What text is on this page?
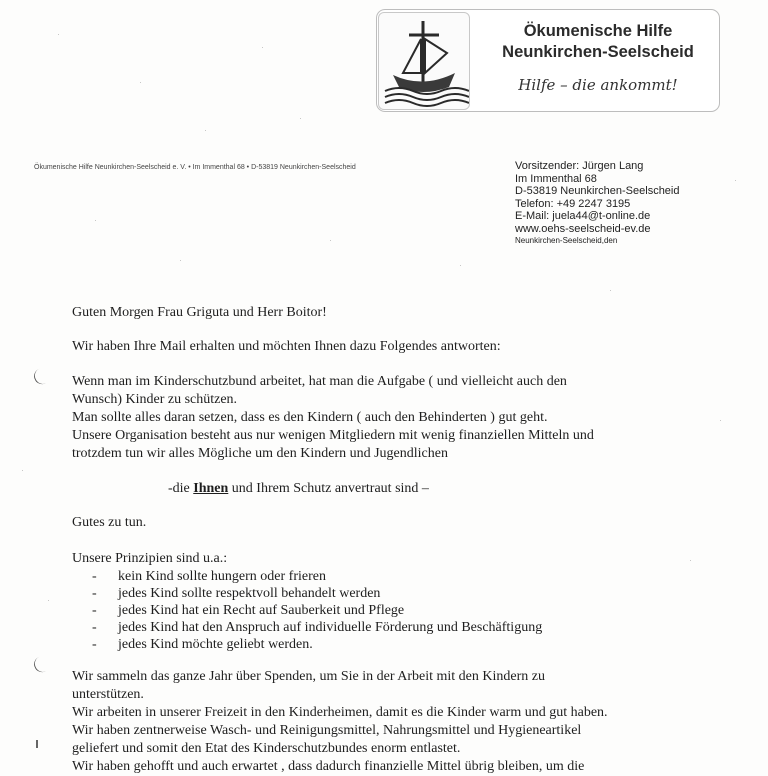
Ökumenische Hilfe
Neunkirchen-Seelscheid
Hilfe – die ankommt!
Ökumenische Hilfe Neunkirchen-Seelscheid e. V. • Im Immenthal 68 • D-53819 Neunkirchen-Seelscheid	Vorsitzender: Jürgen Lang
Im Immenthal 68
D-53819 Neunkirchen-Seelscheid
Telefon: +49 2247 3195
E-Mail: juela44@t-online.de
www.oehs-seelscheid-ev.de
Neunkirchen-Seelscheid,den

Guten Morgen Frau Griguta und Herr Boitor!

Wir haben Ihre Mail erhalten und möchten Ihnen dazu Folgendes antworten:

Wenn man im Kinderschutzbund arbeitet, hat man die Aufgabe ( und vielleicht auch den

Wunsch) Kinder zu schützen.

Man sollte alles daran setzen, dass es den Kindern ( auch den Behinderten ) gut geht.

Unsere Organisation besteht aus nur wenigen Mitgliedern mit wenig finanziellen Mitteln und

trotzdem tun wir alles Mögliche um den Kindern und Jugendlichen

-die Ihnen und Ihrem Schutz anvertraut sind –

Gutes zu tun.

Unsere Prinzipien sind u.a.:

- kein Kind sollte hungern oder frieren
- jedes Kind sollte respektvoll behandelt werden
- jedes Kind hat ein Recht auf Sauberkeit und Pflege
- jedes Kind hat den Anspruch auf individuelle Förderung und Beschäftigung
- jedes Kind möchte geliebt werden.

Wir sammeln das ganze Jahr über Spenden, um Sie in der Arbeit mit den Kindern zu

unterstützen.

Wir arbeiten in unserer Freizeit in den Kinderheimen, damit es die Kinder warm und gut haben.

Wir haben zentnerweise Wasch- und Reinigungsmittel, Nahrungsmittel und Hygieneartikel

geliefert und somit den Etat des Kinderschutzbundes enorm entlastet.

Wir haben gehofft und auch erwartet , dass dadurch finanzielle Mittel übrig bleiben, um die
